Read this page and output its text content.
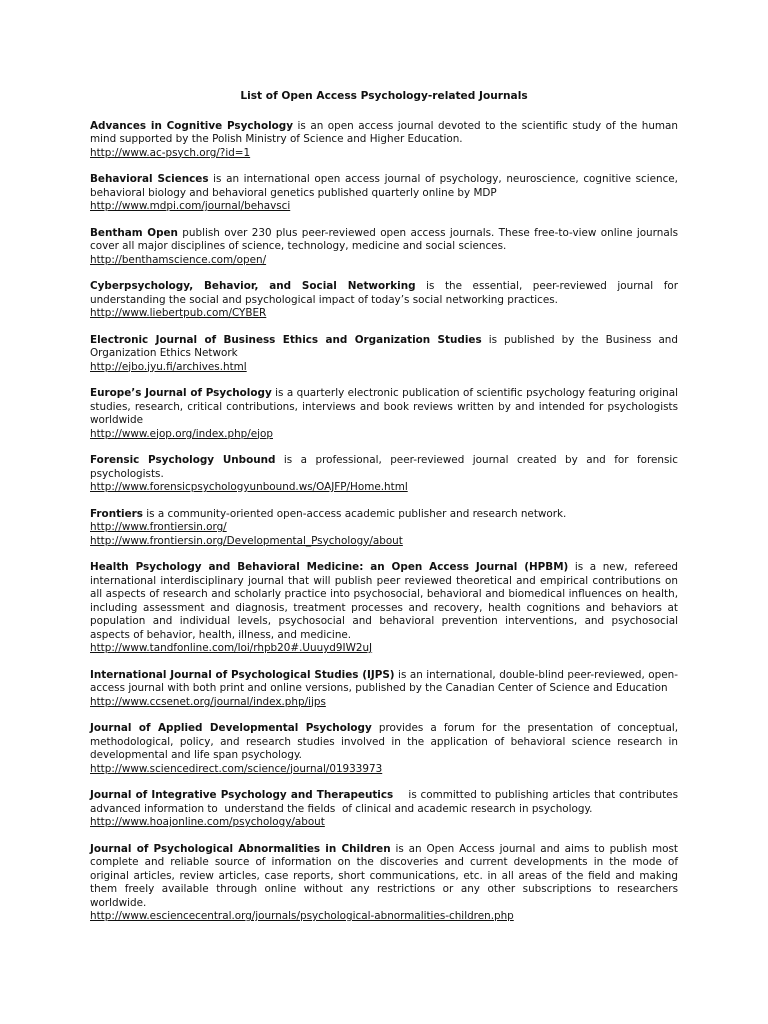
List of Open Access Psychology-related Journals

Advances in Cognitive Psychology is an open access journal devoted to the scientific study of the human mind supported by the Polish Ministry of Science and Higher Education.

http://www.ac-psych.org/?id=1

Behavioral Sciences is an international open access journal of psychology, neuroscience, cognitive science, behavioral biology and behavioral genetics published quarterly online by MDP

http://www.mdpi.com/journal/behavsci

Bentham Open publish over 230 plus peer-reviewed open access journals. These free-to-view online journals cover all major disciplines of science, technology, medicine and social sciences.

http://benthamscience.com/open/

Cyberpsychology, Behavior, and Social Networking is the essential, peer-reviewed journal for understanding the social and psychological impact of today’s social networking practices.

http://www.liebertpub.com/CYBER

Electronic Journal of Business Ethics and Organization Studies is published by the Business and Organization Ethics Network

http://ejbo.jyu.fi/archives.html

Europe’s Journal of Psychology is a quarterly electronic publication of scientific psychology featuring original studies, research, critical contributions, interviews and book reviews written by and intended for psychologists worldwide

http://www.ejop.org/index.php/ejop

Forensic Psychology Unbound is a professional, peer-reviewed journal created by and for forensic psychologists.

http://www.forensicpsychologyunbound.ws/OAJFP/Home.html

Frontiers is a community-oriented open-access academic publisher and research network.

http://www.frontiersin.org/
http://www.frontiersin.org/Developmental_Psychology/about

Health Psychology and Behavioral Medicine: an Open Access Journal (HPBM) is a new, refereed international interdisciplinary journal that will publish peer reviewed theoretical and empirical contributions on all aspects of research and scholarly practice into psychosocial, behavioral and biomedical influences on health, including assessment and diagnosis, treatment processes and recovery, health cognitions and behaviors at population and individual levels, psychosocial and behavioral prevention interventions, and psychosocial aspects of behavior, health, illness, and medicine.

http://www.tandfonline.com/loi/rhpb20#.Uuuyd9IW2uJ

International Journal of Psychological Studies (IJPS) is an international, double-blind peer-reviewed, open-access journal with both print and online versions, published by the Canadian Center of Science and Education

http://www.ccsenet.org/journal/index.php/ijps

Journal of Applied Developmental Psychology provides a forum for the presentation of conceptual, methodological, policy, and research studies involved in the application of behavioral science research in developmental and life span psychology.

http://www.sciencedirect.com/science/journal/01933973

Journal of Integrative Psychology and Therapeutics    is committed to publishing articles that contributes advanced information to  understand the fields  of clinical and academic research in psychology.

http://www.hoajonline.com/psychology/about

Journal of Psychological Abnormalities in Children is an Open Access journal and aims to publish most complete and reliable source of information on the discoveries and current developments in the mode of original articles, review articles, case reports, short communications, etc. in all areas of the field and making them freely available through online without any restrictions or any other subscriptions to researchers worldwide.

http://www.esciencecentral.org/journals/psychological-abnormalities-children.php
